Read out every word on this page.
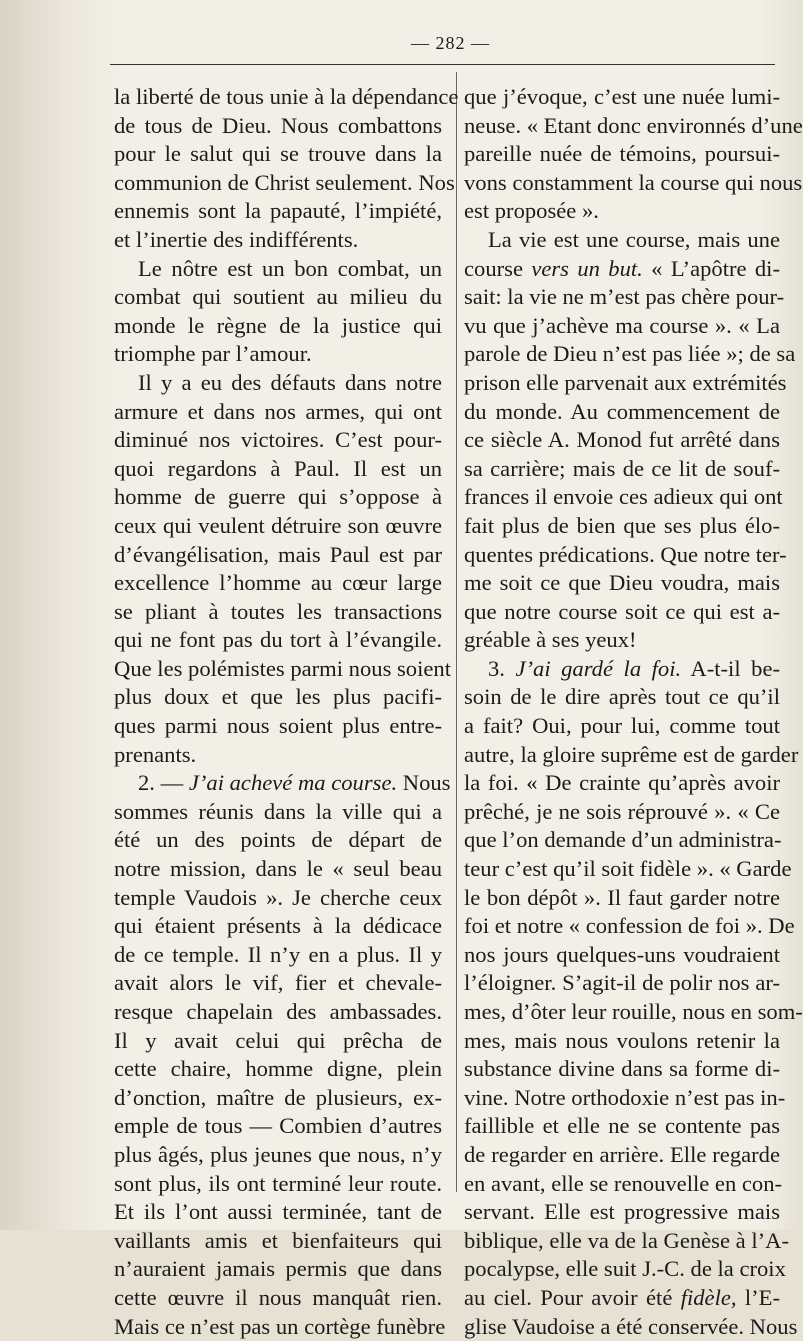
— 282 —
la liberté de tous unie à la dépendance
de tous de Dieu. Nous combattons
pour le salut qui se trouve dans la
communion de Christ seulement. Nos
ennemis sont la papauté, l’impiété,
et l’inertie des indifférents.
Le nôtre est un bon combat, un
combat qui soutient au milieu du
monde le règne de la justice qui
triomphe par l’amour.
Il y a eu des défauts dans notre
armure et dans nos armes, qui ont
diminué nos victoires. C’est pour-
quoi regardons à Paul. Il est un
homme de guerre qui s’oppose à
ceux qui veulent détruire son œuvre
d’évangélisation, mais Paul est par
excellence l’homme au cœur large
se pliant à toutes les transactions
qui ne font pas du tort à l’évangile.
Que les polémistes parmi nous soient
plus doux et que les plus pacifi-
ques parmi nous soient plus entre-
prenants.
2. — J’ai achevé ma course. Nous
sommes réunis dans la ville qui a
été un des points de départ de
notre mission, dans le « seul beau
temple Vaudois ». Je cherche ceux
qui étaient présents à la dédicace
de ce temple. Il n’y en a plus. Il y
avait alors le vif, fier et chevale-
resque chapelain des ambassades.
Il y avait celui qui prêcha de
cette chaire, homme digne, plein
d’onction, maître de plusieurs, ex-
emple de tous — Combien d’autres
plus âgés, plus jeunes que nous, n’y
sont plus, ils ont terminé leur route.
Et ils l’ont aussi terminée, tant de
vaillants amis et bienfaiteurs qui
n’auraient jamais permis que dans
cette œuvre il nous manquât rien.
Mais ce n’est pas un cortège funèbre
que j’évoque, c’est une nuée lumi-
neuse. « Etant donc environnés d’une
pareille nuée de témoins, poursui-
vons constamment la course qui nous
est proposée ».
La vie est une course, mais une
course vers un but. « L’apôtre di-
sait: la vie ne m’est pas chère pour-
vu que j’achève ma course ». « La
parole de Dieu n’est pas liée »; de sa
prison elle parvenait aux extrémités
du monde. Au commencement de
ce siècle A. Monod fut arrêté dans
sa carrière; mais de ce lit de souf-
frances il envoie ces adieux qui ont
fait plus de bien que ses plus élo-
quentes prédications. Que notre ter-
me soit ce que Dieu voudra, mais
que notre course soit ce qui est a-
gréable à ses yeux!
3. J’ai gardé la foi. A-t-il be-
soin de le dire après tout ce qu’il
a fait? Oui, pour lui, comme tout
autre, la gloire suprême est de garder
la foi. « De crainte qu’après avoir
prêché, je ne sois réprouvé ». « Ce
que l’on demande d’un administra-
teur c’est qu’il soit fidèle ». « Garde
le bon dépôt ». Il faut garder notre
foi et notre « confession de foi ». De
nos jours quelques-uns voudraient
l’éloigner. S’agit-il de polir nos ar-
mes, d’ôter leur rouille, nous en som-
mes, mais nous voulons retenir la
substance divine dans sa forme di-
vine. Notre orthodoxie n’est pas in-
faillible et elle ne se contente pas
de regarder en arrière. Elle regarde
en avant, elle se renouvelle en con-
servant. Elle est progressive mais
biblique, elle va de la Genèse à l’A-
pocalypse, elle suit J.-C. de la croix
au ciel. Pour avoir été fidèle, l’E-
glise Vaudoise a été conservée. Nous
